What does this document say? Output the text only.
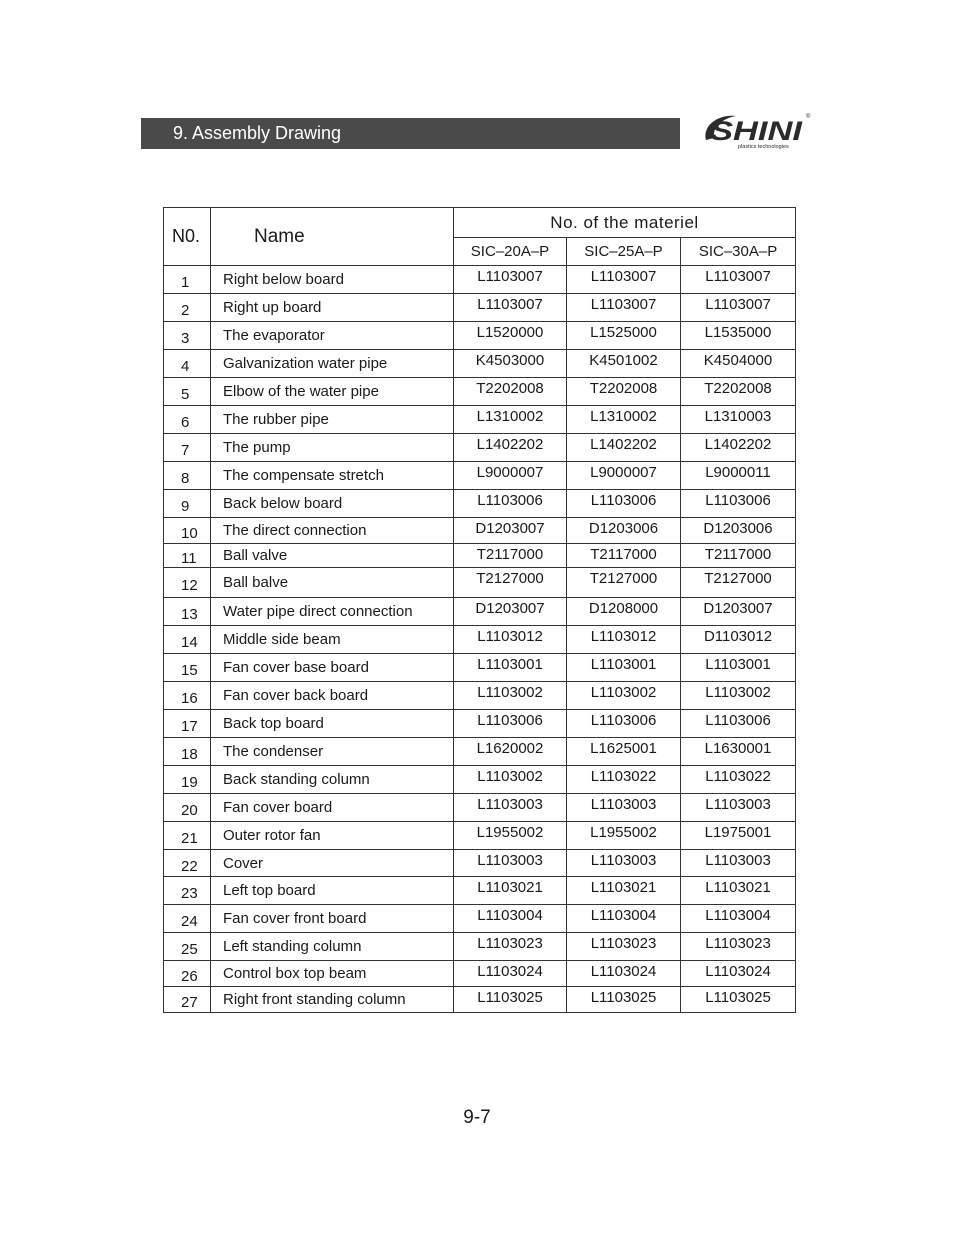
9. Assembly Drawing	SHINI ®
plastics technologies
N0.	Name	No. of the materiel		
		SIC–20A–P	SIC–25A–P	SIC–30A–P
1	Right below board	L1103007	L1103007	L1103007
2	Right up board	L1103007	L1103007	L1103007
3	The evaporator	L1520000	L1525000	L1535000
4	Galvanization water pipe	K4503000	K4501002	K4504000
5	Elbow of the water pipe	T2202008	T2202008	T2202008
6	The rubber pipe	L1310002	L1310002	L1310003
7	The pump	L1402202	L1402202	L1402202
8	The compensate stretch	L9000007	L9000007	L9000011
9	Back below board	L1103006	L1103006	L1103006
10	The direct connection	D1203007	D1203006	D1203006
11	Ball valve	T2117000	T2117000	T2117000
12	Ball balve	T2127000	T2127000	T2127000
13	Water pipe direct connection	D1203007	D1208000	D1203007
14	Middle side beam	L1103012	L1103012	D1103012
15	Fan cover base board	L1103001	L1103001	L1103001
16	Fan cover back board	L1103002	L1103002	L1103002
17	Back top board	L1103006	L1103006	L1103006
18	The condenser	L1620002	L1625001	L1630001
19	Back standing column	L1103002	L1103022	L1103022
20	Fan cover board	L1103003	L1103003	L1103003
21	Outer rotor fan	L1955002	L1955002	L1975001
22	Cover	L1103003	L1103003	L1103003
23	Left top board	L1103021	L1103021	L1103021
24	Fan cover front board	L1103004	L1103004	L1103004
25	Left standing column	L1103023	L1103023	L1103023
26	Control box top beam	L1103024	L1103024	L1103024
27	Right front standing column	L1103025	L1103025	L1103025
9-7
